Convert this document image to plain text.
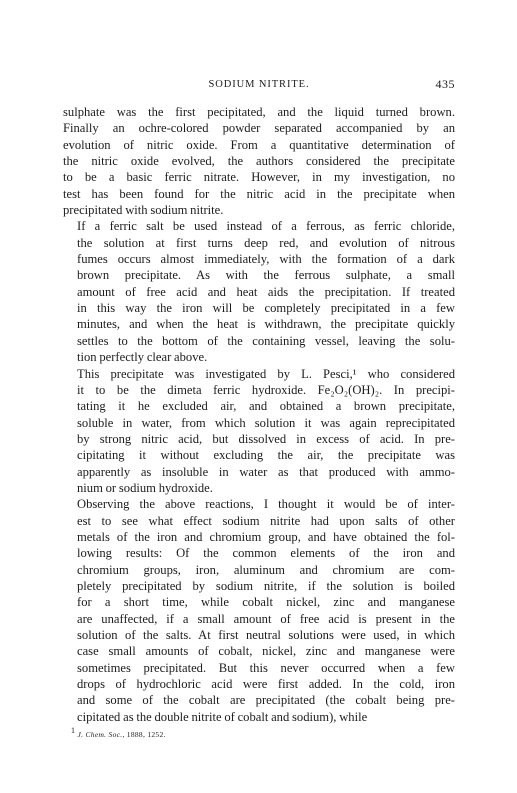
SODIUM NITRITE.	435

sulphate was the first pecipitated, and the liquid turned brown.
Finally an ochre-colored powder separated accompanied by an
evolution of nitric oxide. From a quantitative determination of
the nitric oxide evolved, the authors considered the precipitate
to be a basic ferric nitrate. However, in my investigation, no
test has been found for the nitric acid in the precipitate when
precipitated with sodium nitrite.

If a ferric salt be used instead of a ferrous, as ferric chloride,
the solution at first turns deep red, and evolution of nitrous
fumes occurs almost immediately, with the formation of a dark
brown precipitate. As with the ferrous sulphate, a small
amount of free acid and heat aids the precipitation. If treated
in this way the iron will be completely precipitated in a few
minutes, and when the heat is withdrawn, the precipitate quickly
settles to the bottom of the containing vessel, leaving the solu-
tion perfectly clear above.

This precipitate was investigated by L. Pesci,¹ who considered
it to be the dimeta ferric hydroxide. Fe₂O₂(OH)₂. In precipi-
tating it he excluded air, and obtained a brown precipitate,
soluble in water, from which solution it was again reprecipitated
by strong nitric acid, but dissolved in excess of acid. In pre-
cipitating it without excluding the air, the precipitate was
apparently as insoluble in water as that produced with ammo-
nium or sodium hydroxide.

Observing the above reactions, I thought it would be of inter-
est to see what effect sodium nitrite had upon salts of other
metals of the iron and chromium group, and have obtained the fol-
lowing results: Of the common elements of the iron and
chromium groups, iron, aluminum and chromium are com-
pletely precipitated by sodium nitrite, if the solution is boiled
for a short time, while cobalt nickel, zinc and manganese
are unaffected, if a small amount of free acid is present in the
solution of the salts. At first neutral solutions were used, in which
case small amounts of cobalt, nickel, zinc and manganese were
sometimes precipitated. But this never occurred when a few
drops of hydrochloric acid were first added. In the cold, iron
and some of the cobalt are precipitated (the cobalt being pre-
cipitated as the double nitrite of cobalt and sodium), while

$^1$ J. Chem. Soc., 1888, 1252.
